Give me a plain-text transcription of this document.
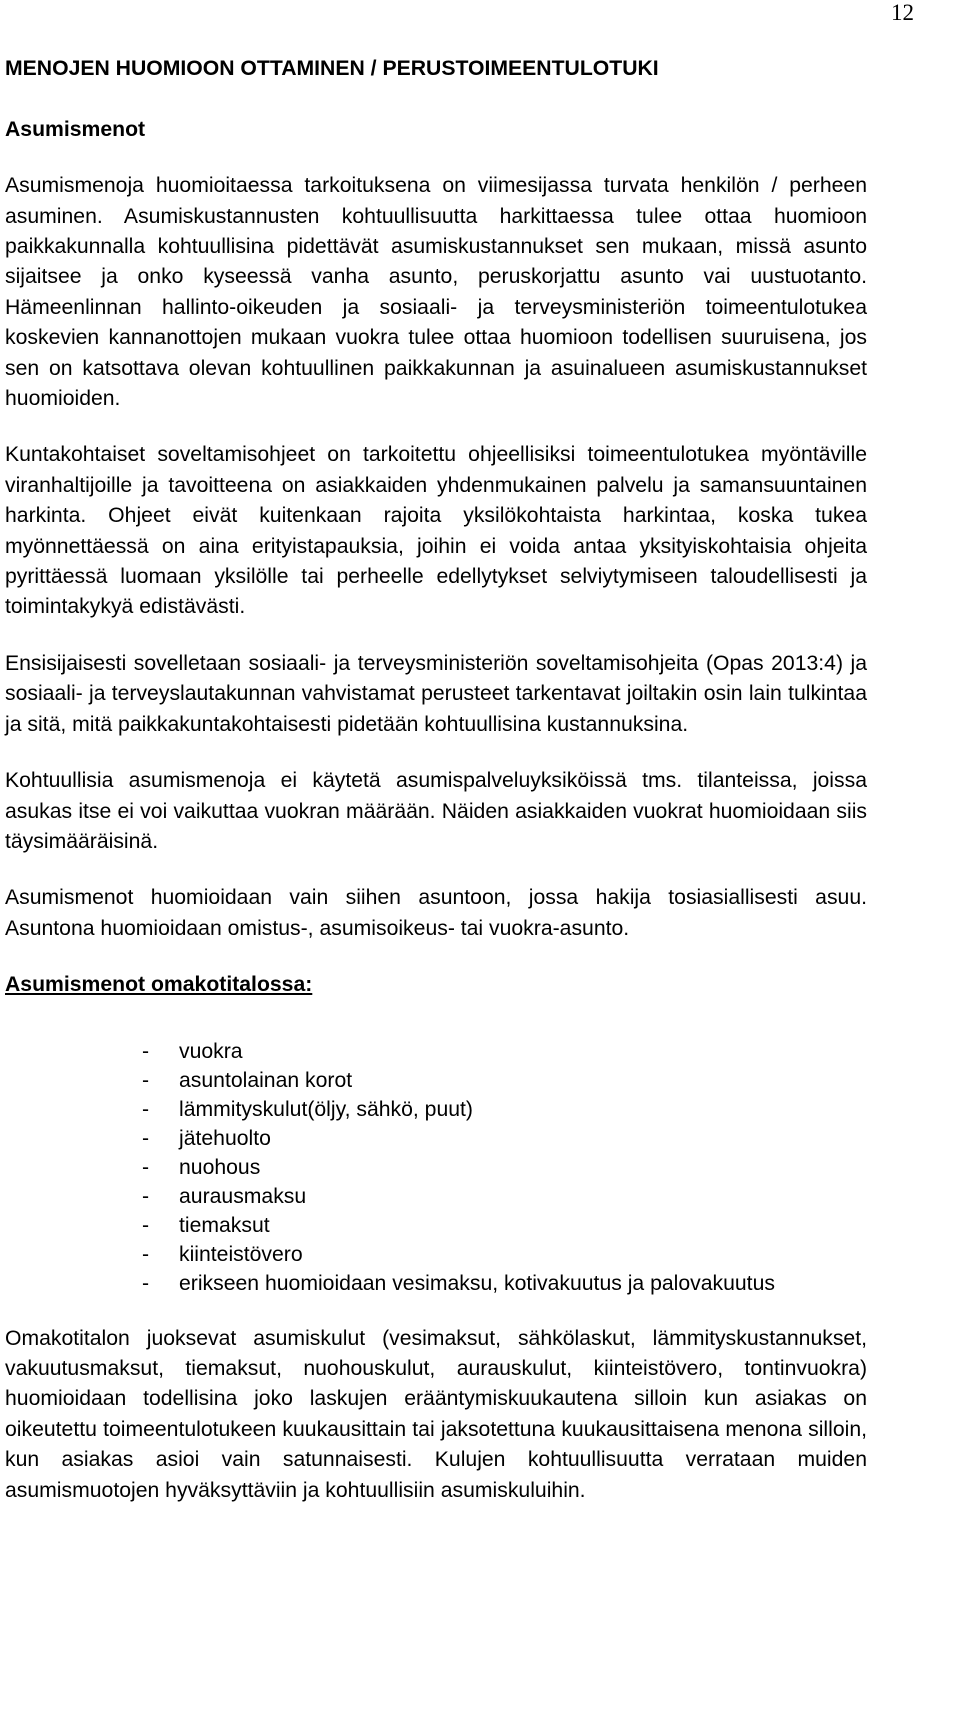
12
MENOJEN HUOMIOON OTTAMINEN / PERUSTOIMEENTULOTUKI
Asumismenot

Asumismenoja huomioitaessa tarkoituksena on viimesijassa turvata henkilön / perheen asuminen. Asumiskustannusten kohtuullisuutta harkittaessa tulee ottaa huomioon paikkakunnalla kohtuullisina pidettävät asumiskustannukset sen mukaan, missä asunto sijaitsee ja onko kyseessä vanha asunto, peruskorjattu asunto vai uustuotanto. Hämeenlinnan hallinto-oikeuden ja sosiaali- ja terveysministeriön toimeentulotukea koskevien kannanottojen mukaan vuokra tulee ottaa huomioon todellisen suuruisena, jos sen on katsottava olevan kohtuullinen paikkakunnan ja asuinalueen asumiskustannukset huomioiden.

Kuntakohtaiset soveltamisohjeet on tarkoitettu ohjeellisiksi toimeentulotukea myöntäville viranhaltijoille ja tavoitteena on asiakkaiden yhdenmukainen palvelu ja samansuuntainen harkinta. Ohjeet eivät kuitenkaan rajoita yksilökohtaista harkintaa, koska tukea myönnettäessä on aina erityistapauksia, joihin ei voida antaa yksityiskohtaisia ohjeita pyrittäessä luomaan yksilölle tai perheelle edellytykset selviytymiseen taloudellisesti ja toimintakykyä edistävästi.

Ensisijaisesti sovelletaan sosiaali- ja terveysministeriön soveltamisohjeita (Opas 2013:4) ja sosiaali- ja terveyslautakunnan vahvistamat perusteet tarkentavat joiltakin osin lain tulkintaa ja sitä, mitä paikkakuntakohtaisesti pidetään kohtuullisina kustannuksina.

Kohtuullisia asumismenoja ei käytetä asumispalveluyksiköissä tms. tilanteissa, joissa asukas itse ei voi vaikuttaa vuokran määrään. Näiden asiakkaiden vuokrat huomioidaan siis täysimääräisinä.

Asumismenot huomioidaan vain siihen asuntoon, jossa hakija tosiasiallisesti asuu. Asuntona huomioidaan omistus-, asumisoikeus- tai vuokra-asunto.

Asumismenot omakotitalossa:

- vuokra
- asuntolainan korot
- lämmityskulut(öljy, sähkö, puut)
- jätehuolto
- nuohous
- aurausmaksu
- tiemaksut
- kiinteistövero
- erikseen huomioidaan vesimaksu, kotivakuutus ja palovakuutus

Omakotitalon juoksevat asumiskulut (vesimaksut, sähkölaskut, lämmityskustannukset, vakuutusmaksut, tiemaksut, nuohouskulut, aurauskulut, kiinteistövero, tontinvuokra) huomioidaan todellisina joko laskujen erääntymiskuukautena silloin kun asiakas on oikeutettu toimeentulotukeen kuukausittain tai jaksotettuna kuukausittaisena menona silloin, kun asiakas asioi vain satunnaisesti. Kulujen kohtuullisuutta verrataan muiden asumismuotojen hyväksyttäviin ja kohtuullisiin asumiskuluihin.
